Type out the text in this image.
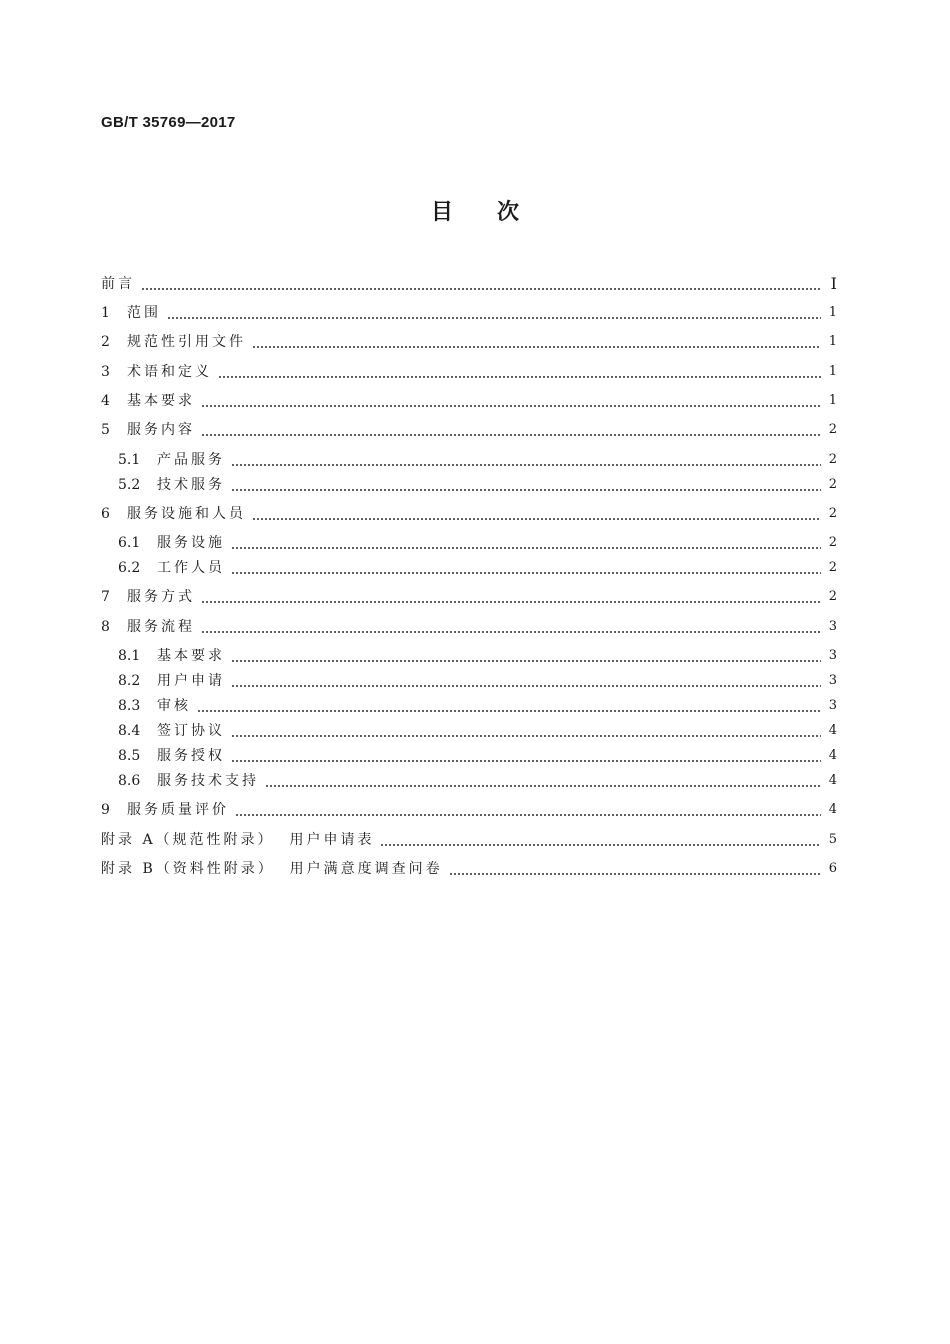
GB/T 35769—2017
目次
前言	Ⅰ
1	范围	1
2	规范性引用文件	1
3	术语和定义	1
4	基本要求	1
5	服务内容	2
5.1	产品服务	2
5.2	技术服务	2
6	服务设施和人员	2
6.1	服务设施	2
6.2	工作人员	2
7	服务方式	2
8	服务流程	3
8.1	基本要求	3
8.2	用户申请	3
8.3	审核	3
8.4	签订协议	4
8.5	服务授权	4
8.6	服务技术支持	4
9	服务质量评价	4
附录 A（规范性附录）  用户申请表	5
附录 B（资料性附录）  用户满意度调查问卷	6
